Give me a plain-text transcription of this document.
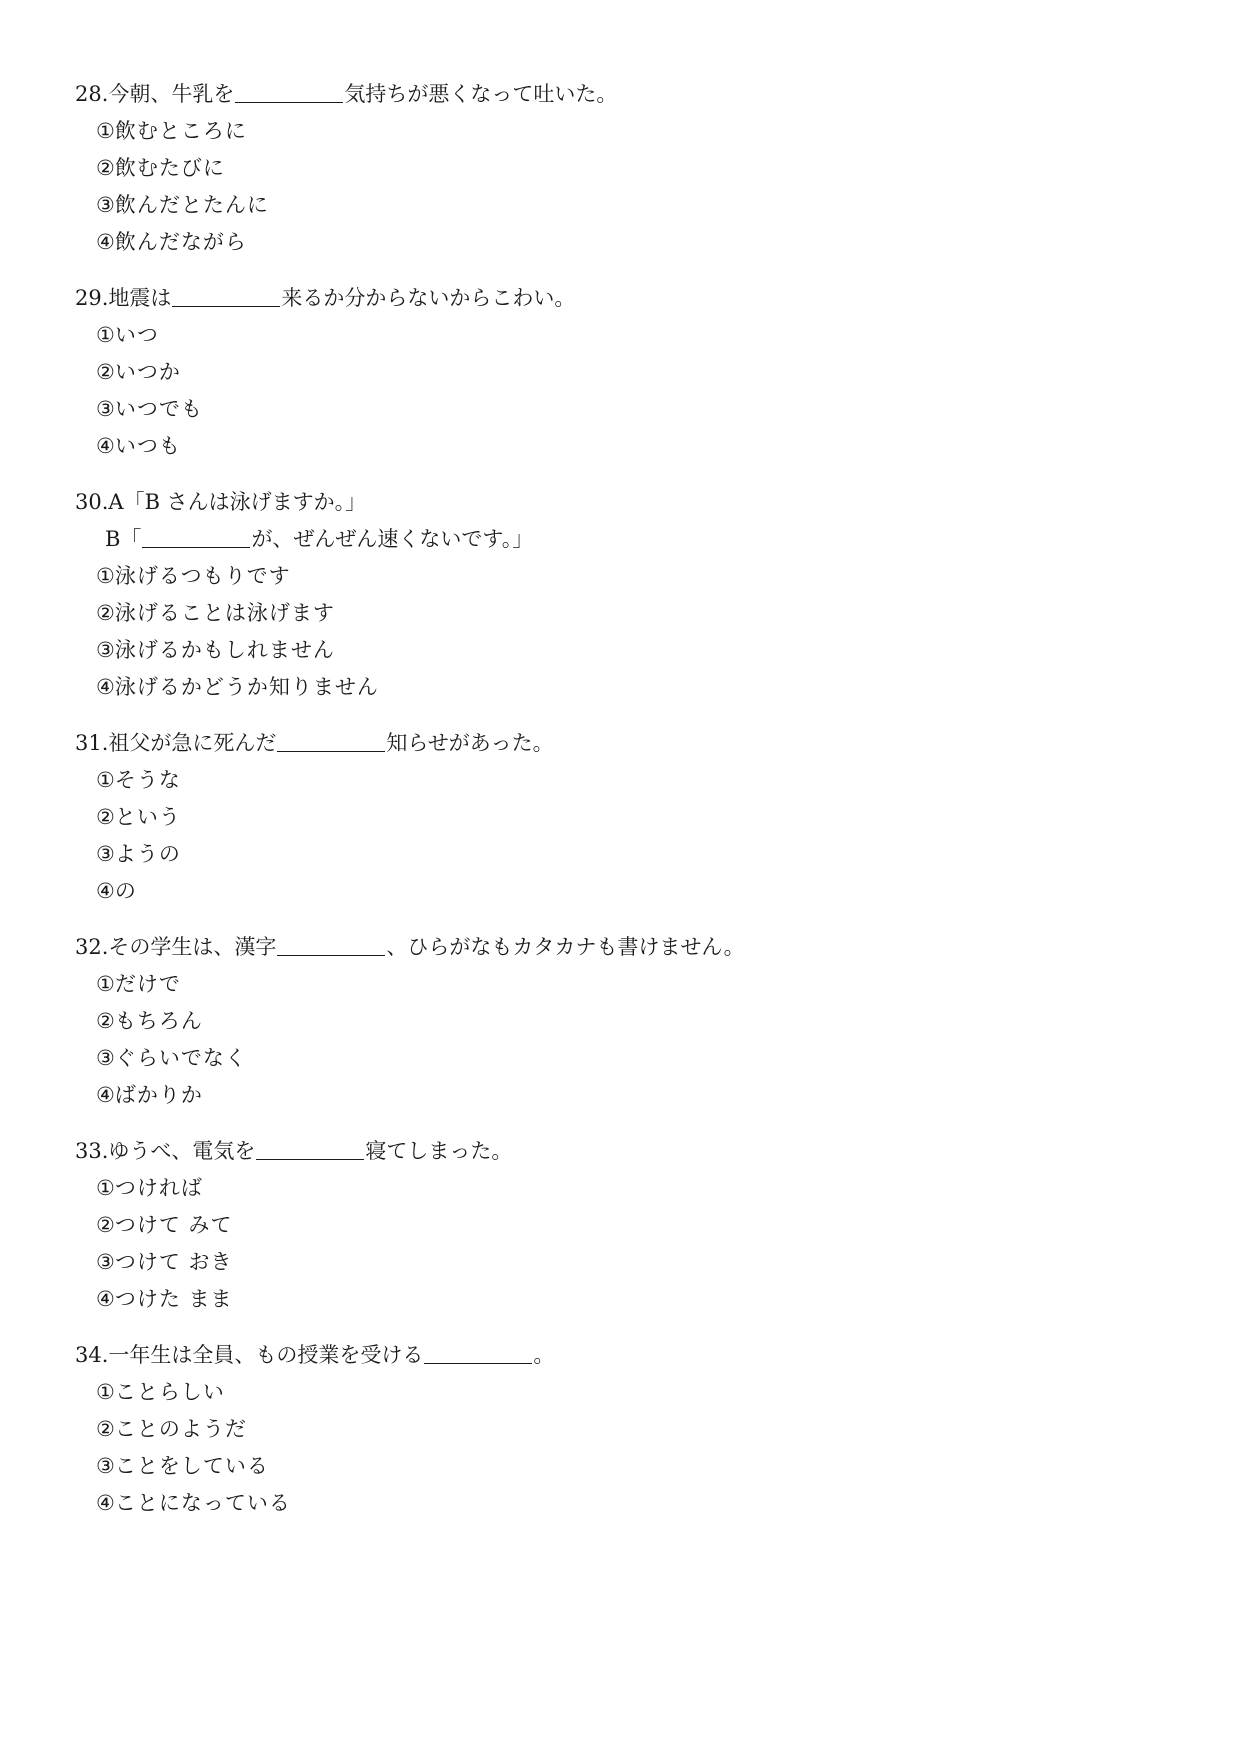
28.今朝、牛乳を	気持ちが悪くなって吐いた。
①飲むところに
②飲むたびに
③飲んだとたんに
④飲んだながら
29.地震は	来るか分からないからこわい。
①いつ
②いつか
③いつでも
④いつも
30.A「B さんは泳げますか。」
B「	が、ぜんぜん速くないです。」
①泳げるつもりです
②泳げることは泳げます
③泳げるかもしれません
④泳げるかどうか知りません
31.祖父が急に死んだ	知らせがあった。
①そうな
②という
③ようの
④の
32.その学生は、漢字	、ひらがなもカタカナも書けません。
①だけで
②もちろん
③ぐらいでなく
④ばかりか
33.ゆうべ、電気を	寝てしまった。
①つければ
②つけて みて
③つけて おき
④つけた まま
34.一年生は全員、もの授業を受ける	。
①ことらしい
②ことのようだ
③ことをしている
④ことになっている
